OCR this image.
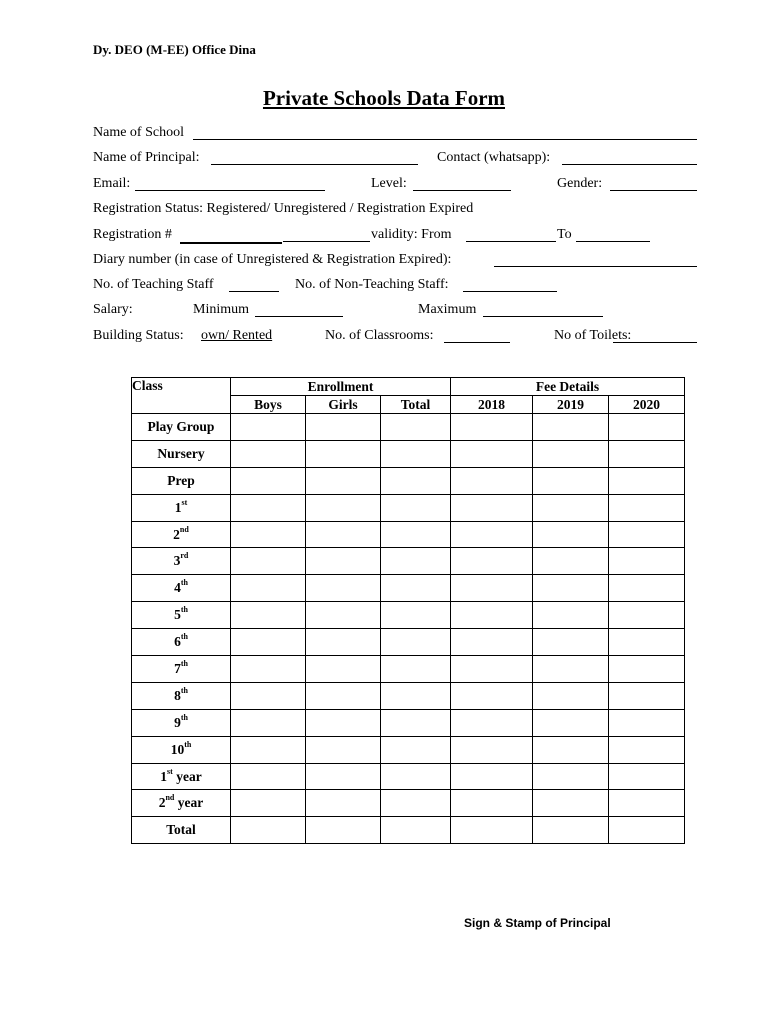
Dy. DEO (M-EE) Office Dina
Private Schools Data Form
Name of School
Name of Principal:	Contact (whatsapp):
Email:	Level:	Gender:
Registration Status: Registered/ Unregistered / Registration Expired
Registration #	validity: From	To
Diary number (in case of Unregistered & Registration Expired):
No. of Teaching Staff	No. of Non-Teaching Staff:
Salary:	Minimum	Maximum
Building Status: own/ Rented	No. of Classrooms:	No of Toilets:
Class	Enrollment			Fee Details		
	Boys	Girls	Total	2018	2019	2020
Play Group						
Nursery						
Prep						
1st						
2nd						
3rd						
4th						
5th						
6th						
7th						
8th						
9th						
10th						
1st year						
2nd year						
Total						
Sign & Stamp of Principal
